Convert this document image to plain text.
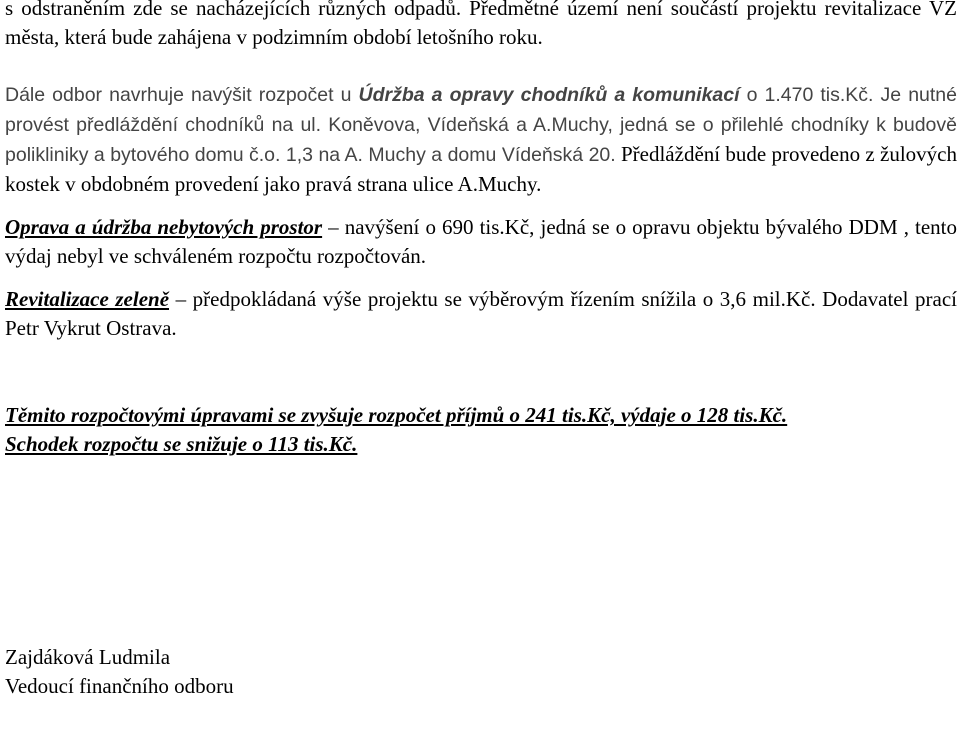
s odstraněním zde se nacházejících různých odpadů. Předmětné území není součástí projektu revitalizace VZ města, která bude zahájena v podzimním období letošního roku.

Dále odbor navrhuje navýšit rozpočet u Údržba a opravy chodníků a komunikací o 1.470 tis.Kč. Je nutné provést předláždění chodníků na ul. Koněvova, Vídeňská a A.Muchy, jedná se o přilehlé chodníky k budově polikliniky a bytového domu č.o. 1,3 na A. Muchy a domu Vídeňská 20. Předláždění bude provedeno z žulových kostek v obdobném provedení jako pravá strana ulice A.Muchy.

Oprava a údržba nebytových prostor – navýšení o 690 tis.Kč, jedná se o opravu objektu bývalého DDM , tento výdaj nebyl ve schváleném rozpočtu rozpočtován.

Revitalizace zeleně – předpokládaná výše projektu se výběrovým řízením snížila o 3,6 mil.Kč. Dodavatel prací Petr Vykrut Ostrava.

Těmito rozpočtovými úpravami se zvyšuje rozpočet příjmů o 241 tis.Kč, výdaje o 128 tis.Kč.

Schodek rozpočtu se snižuje o 113 tis.Kč.

Zajdáková Ludmila

Vedoucí finančního odboru
